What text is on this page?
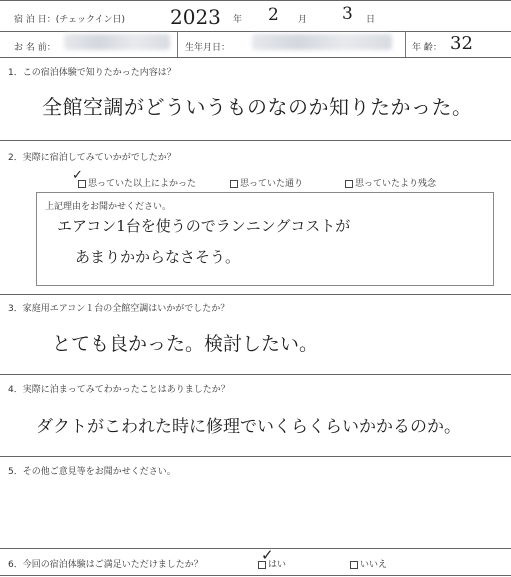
宿 泊 日：(チェックイン日) 2023 年 2 月 3 日
お 名 前：	生年月日：	年 齢： 32
1．この宿泊体験で知りたかった内容は？
全館空調がどういうものなのか知りたかった。
2．実際に宿泊してみていかがでしたか？
思っていた以上によかった
✓
思っていた通り	思っていたより残念
上記理由をお聞かせください。
エアコン1台を使うのでランニングコストが
あまりかからなさそう。
3．家庭用エアコン１台の全館空調はいかがでしたか？
とても良かった。検討したい。
4．実際に泊まってみてわかったことはありましたか？
ダクトがこわれた時に修理でいくらくらいかかるのか。
5．その他ご意見等をお聞かせください。
6．今回の宿泊体験はご満足いただけましたか？	はい
✓
いいえ
